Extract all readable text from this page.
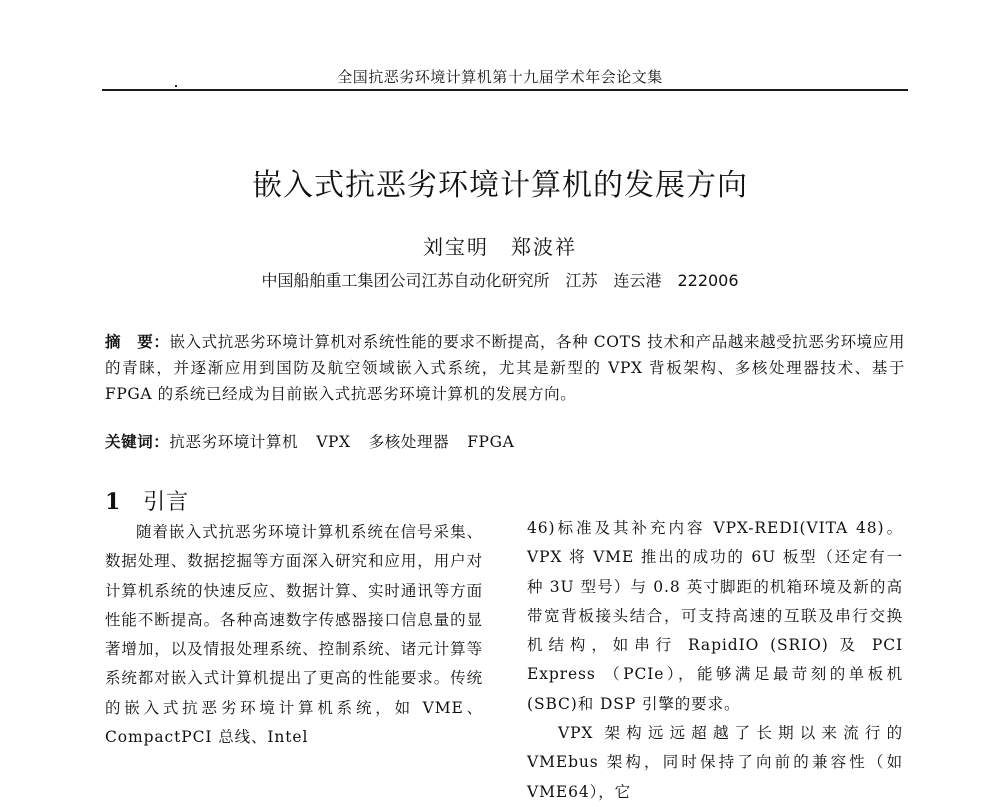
全国抗恶劣环境计算机第十九届学术年会论文集
嵌入式抗恶劣环境计算机的发展方向
刘宝明 郑波祥
中国船舶重工集团公司江苏自动化研究所　江苏　连云港　222006
摘　要：嵌入式抗恶劣环境计算机对系统性能的要求不断提高，各种 COTS 技术和产品越来越受抗恶劣环境应用的青睐，并逐渐应用到国防及航空领域嵌入式系统，尤其是新型的 VPX 背板架构、多核处理器技术、基于 FPGA 的系统已经成为目前嵌入式抗恶劣环境计算机的发展方向。
关键词：抗恶劣环境计算机 VPX 多核处理器 FPGA
1 引言

随着嵌入式抗恶劣环境计算机系统在信号采集、数据处理、数据挖掘等方面深入研究和应用，用户对计算机系统的快速反应、数据计算、实时通讯等方面性能不断提高。各种高速数字传感器接口信息量的显著增加，以及情报处理系统、控制系统、诸元计算等系统都对嵌入式计算机提出了更高的性能要求。传统的嵌入式抗恶劣环境计算机系统，如 VME、CompactPCI 总线、Intel

46)标准及其补充内容 VPX-REDI(VITA 48)。VPX 将 VME 推出的成功的 6U 板型（还定有一种 3U 型号）与 0.8 英寸脚距的机箱环境及新的高带宽背板接头结合，可支持高速的互联及串行交换机结构，如串行 RapidIO (SRIO) 及 PCI Express （PCIe），能够满足最苛刻的单板机(SBC)和 DSP 引擎的要求。

VPX 架构远远超越了长期以来流行的 VMEbus 架构，同时保持了向前的兼容性（如 VME64），它
